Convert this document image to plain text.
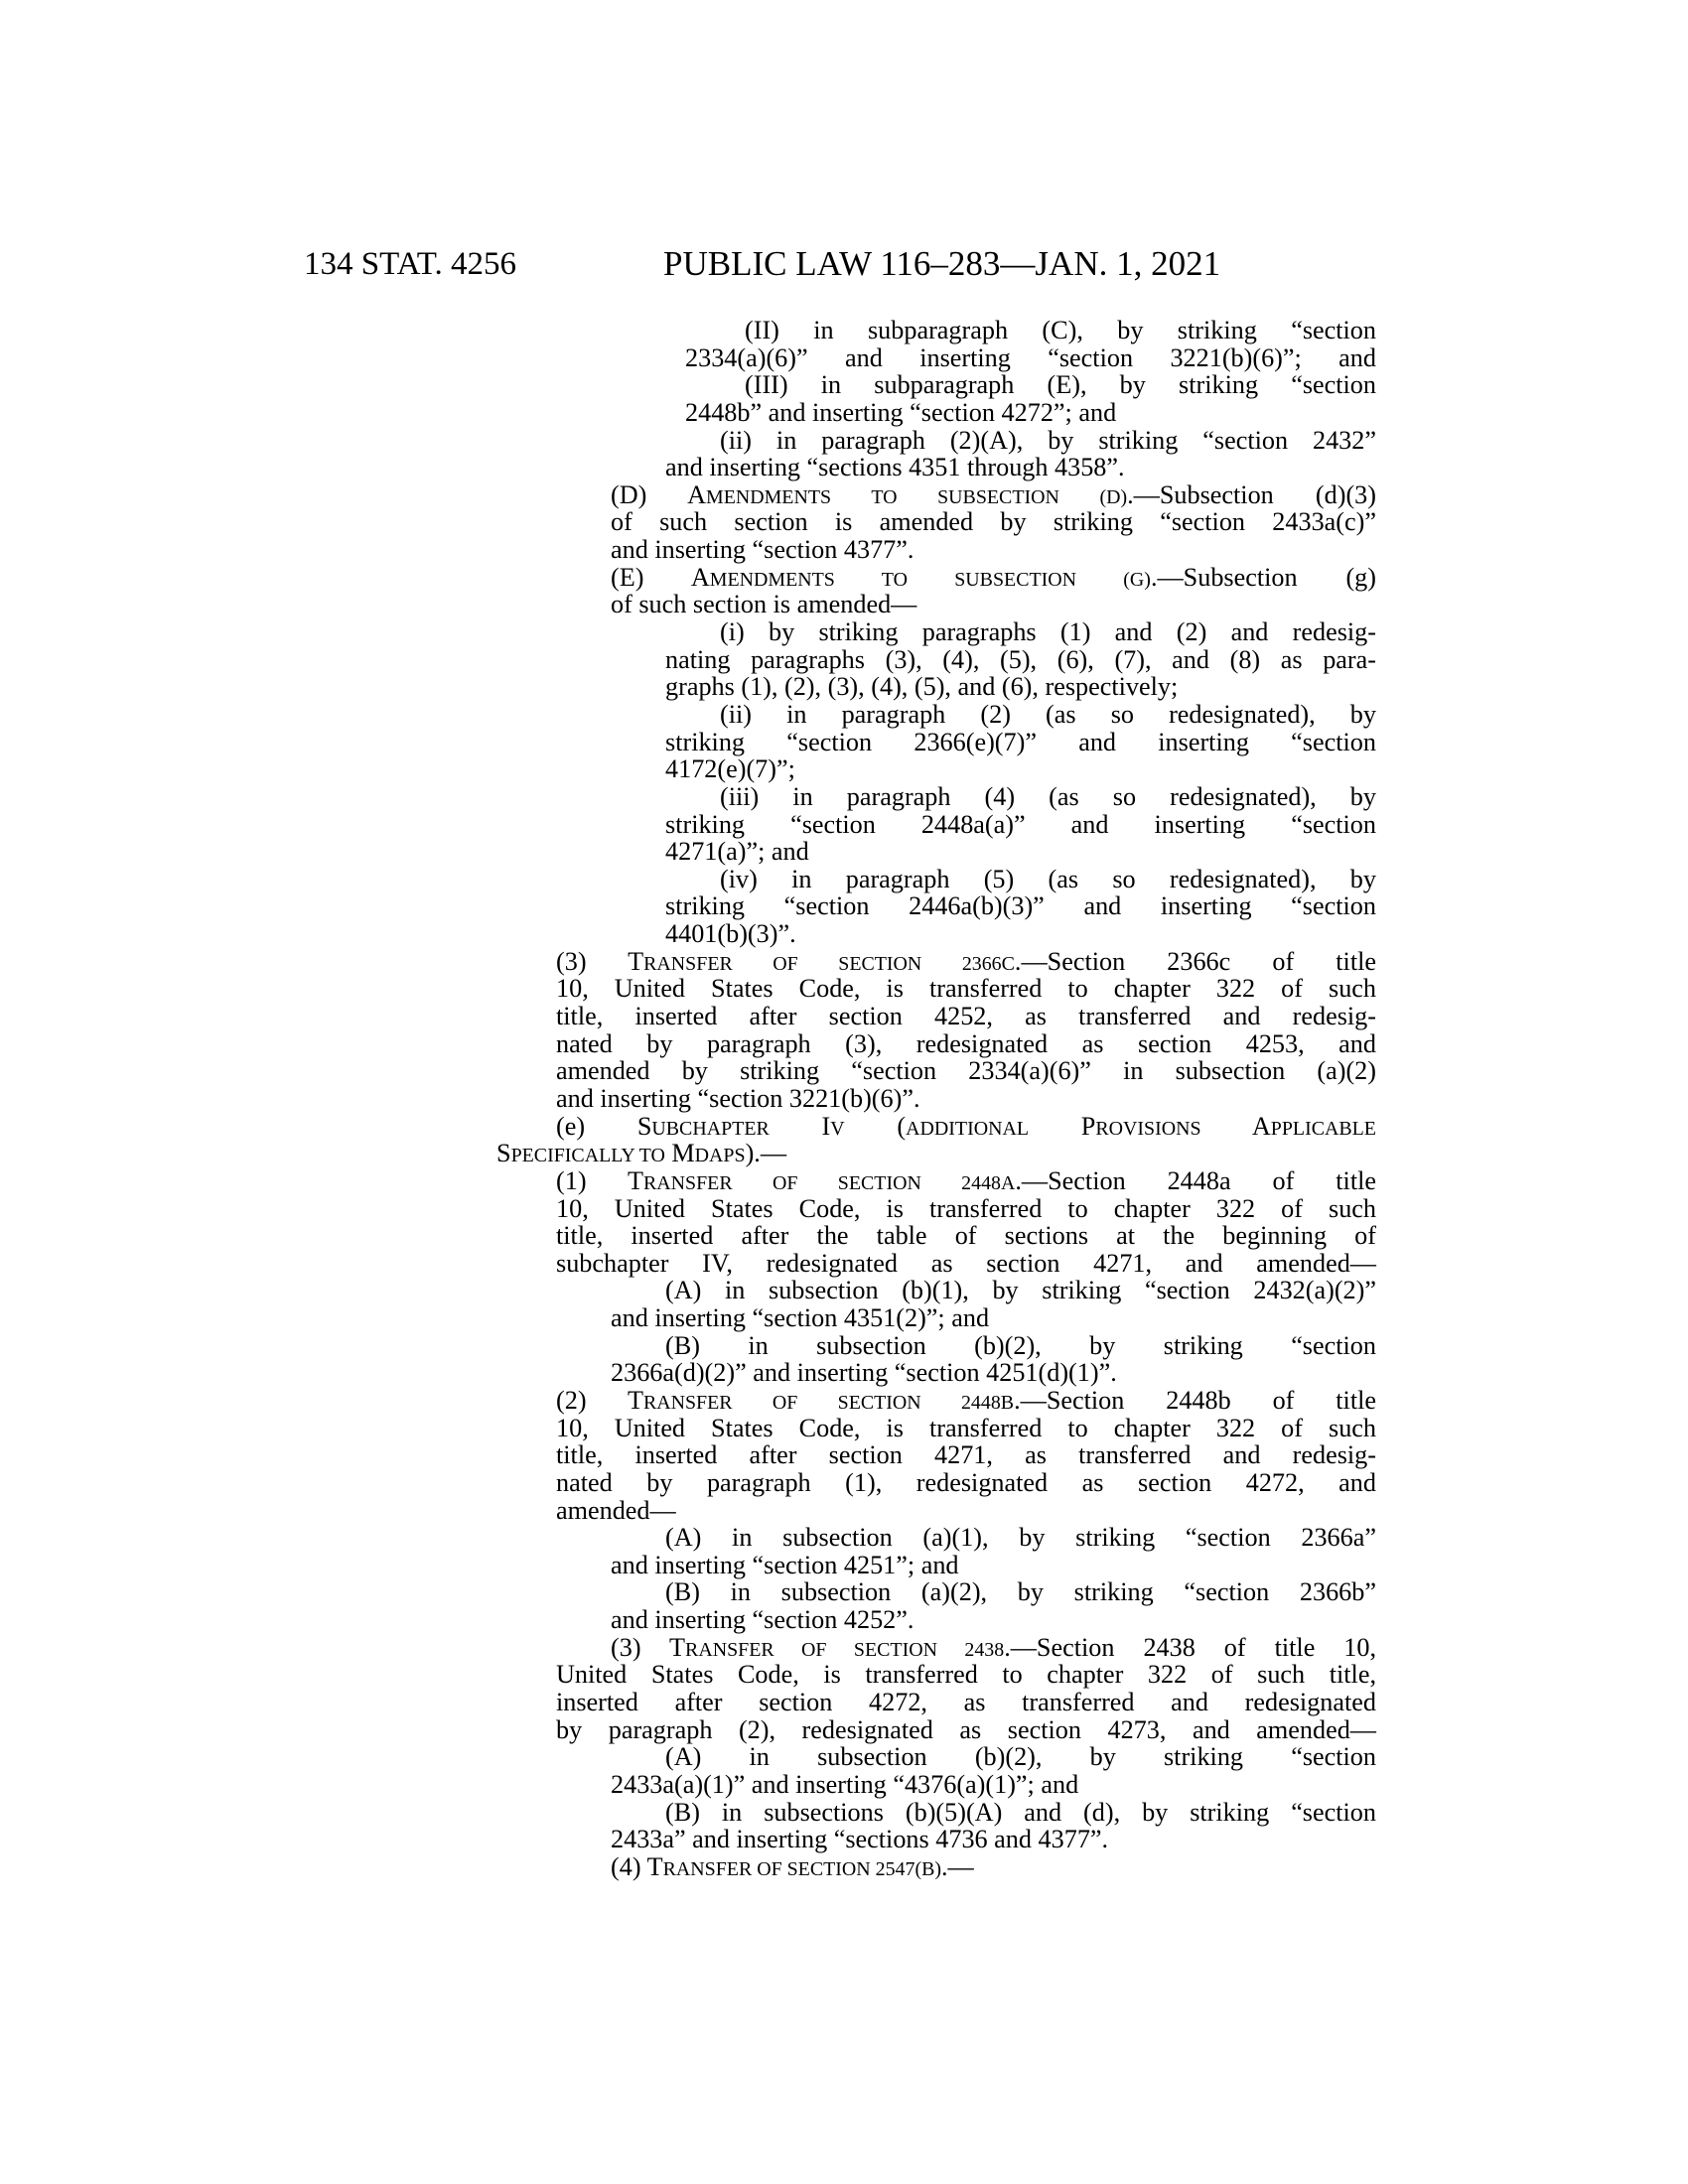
134 STAT. 4256	PUBLIC LAW 116–283—JAN. 1, 2021
(II) in subparagraph (C), by striking “section
2334(a)(6)” and inserting “section 3221(b)(6)”; and
(III) in subparagraph (E), by striking “section
2448b” and inserting “section 4272”; and
(ii) in paragraph (2)(A), by striking “section 2432”
and inserting “sections 4351 through 4358”.
(D) AMENDMENTS TO SUBSECTION (D).—Subsection (d)(3)
of such section is amended by striking “section 2433a(c)”
and inserting “section 4377”.
(E) AMENDMENTS TO SUBSECTION (G).—Subsection (g)
of such section is amended—
(i) by striking paragraphs (1) and (2) and redesig-
nating paragraphs (3), (4), (5), (6), (7), and (8) as para-
graphs (1), (2), (3), (4), (5), and (6), respectively;
(ii) in paragraph (2) (as so redesignated), by
striking “section 2366(e)(7)” and inserting “section
4172(e)(7)”;
(iii) in paragraph (4) (as so redesignated), by
striking “section 2448a(a)” and inserting “section
4271(a)”; and
(iv) in paragraph (5) (as so redesignated), by
striking “section 2446a(b)(3)” and inserting “section
4401(b)(3)”.
(3) TRANSFER OF SECTION 2366C.—Section 2366c of title
10, United States Code, is transferred to chapter 322 of such
title, inserted after section 4252, as transferred and redesig-
nated by paragraph (3), redesignated as section 4253, and
amended by striking “section 2334(a)(6)” in subsection (a)(2)
and inserting “section 3221(b)(6)”.
(e) SUBCHAPTER IV (ADDITIONAL PROVISIONS APPLICABLE
SPECIFICALLY TO MDAPS).—
(1) TRANSFER OF SECTION 2448A.—Section 2448a of title
10, United States Code, is transferred to chapter 322 of such
title, inserted after the table of sections at the beginning of
subchapter IV, redesignated as section 4271, and amended—
(A) in subsection (b)(1), by striking “section 2432(a)(2)”
and inserting “section 4351(2)”; and
(B) in subsection (b)(2), by striking “section
2366a(d)(2)” and inserting “section 4251(d)(1)”.
(2) TRANSFER OF SECTION 2448B.—Section 2448b of title
10, United States Code, is transferred to chapter 322 of such
title, inserted after section 4271, as transferred and redesig-
nated by paragraph (1), redesignated as section 4272, and
amended—
(A) in subsection (a)(1), by striking “section 2366a”
and inserting “section 4251”; and
(B) in subsection (a)(2), by striking “section 2366b”
and inserting “section 4252”.
(3) TRANSFER OF SECTION 2438.—Section 2438 of title 10,
United States Code, is transferred to chapter 322 of such title,
inserted after section 4272, as transferred and redesignated
by paragraph (2), redesignated as section 4273, and amended—
(A) in subsection (b)(2), by striking “section
2433a(a)(1)” and inserting “4376(a)(1)”; and
(B) in subsections (b)(5)(A) and (d), by striking “section
2433a” and inserting “sections 4736 and 4377”.
(4) TRANSFER OF SECTION 2547(B).—
